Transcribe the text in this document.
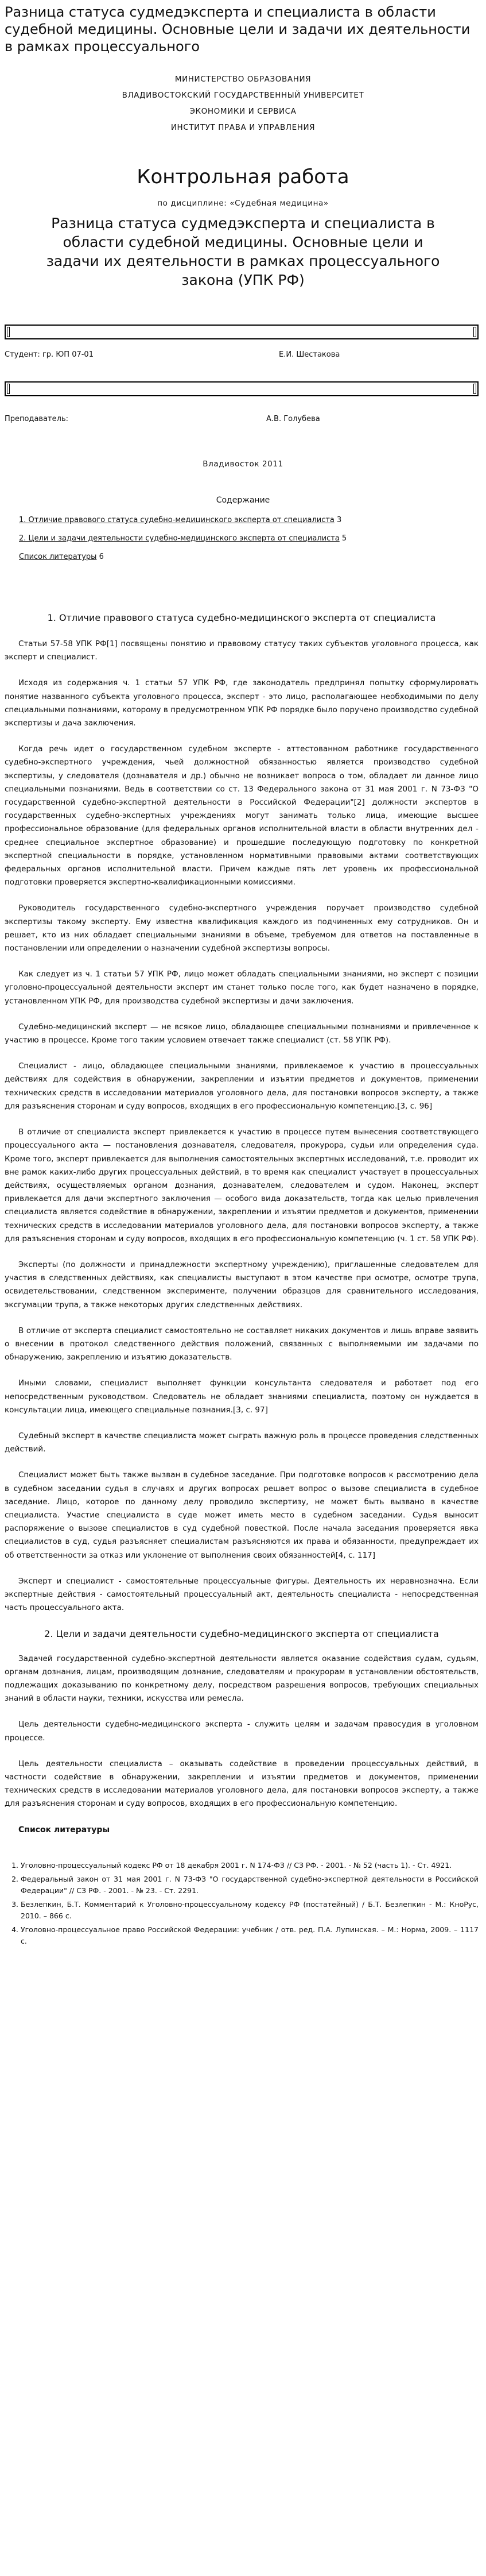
Разница статуса судмедэксперта и специалиста в области судебной медицины. Основные цели и задачи их деятельности в рамках процессуального
МИНИСТЕРСТВО ОБРАЗОВАНИЯ
ВЛАДИВОСТОКСКИЙ ГОСУДАРСТВЕННЫЙ УНИВЕРСИТЕТ
ЭКОНОМИКИ И СЕРВИСА
ИНСТИТУТ ПРАВА И УПРАВЛЕНИЯ
Контрольная работа
по дисциплине: «Судебная медицина»
Разница статуса судмедэксперта и специалиста в области судебной медицины. Основные цели и задачи их деятельности в рамках процессуального закона (УПК РФ)
Студент: гр. ЮП 07-01	Е.И. Шестакова
Преподаватель:	А.В. Голубева
Владивосток 2011
Содержание
1. Отличие правового статуса судебно-медицинского эксперта от специалиста 3
2. Цели и задачи деятельности судебно-медицинского эксперта от специалиста 5
Список литературы 6
1. Отличие правового статуса судебно-медицинского эксперта от специалиста

Статьи 57-58 УПК РФ[1] посвящены понятию и правовому статусу таких субъектов уголовного процесса, как эксперт и специалист.

Исходя из содержания ч. 1 статьи 57 УПК РФ, где законодатель предпринял попытку сформулировать понятие названного субъекта уголовного процесса, эксперт - это лицо, располагающее необходимыми по делу специальными познаниями, которому в предусмотренном УПК РФ порядке было поручено производство судебной экспертизы и дача заключения.

Когда речь идет о государственном судебном эксперте - аттестованном работнике государственного судебно-экспертного учреждения, чьей должностной обязанностью является производство судебной экспертизы, у следователя (дознавателя и др.) обычно не возникает вопроса о том, обладает ли данное лицо специальными познаниями. Ведь в соответствии со ст. 13 Федерального закона от 31 мая 2001 г. N 73-ФЗ "О государственной судебно-экспертной деятельности в Российской Федерации"[2] должности экспертов в государственных судебно-экспертных учреждениях могут занимать только лица, имеющие высшее профессиональное образование (для федеральных органов исполнительной власти в области внутренних дел - среднее специальное экспертное образование) и прошедшие последующую подготовку по конкретной экспертной специальности в порядке, установленном нормативными правовыми актами соответствующих федеральных органов исполнительной власти. Причем каждые пять лет уровень их профессиональной подготовки проверяется экспертно-квалификационными комиссиями.

Руководитель государственного судебно-экспертного учреждения поручает производство судебной экспертизы такому эксперту. Ему известна квалификация каждого из подчиненных ему сотрудников. Он и решает, кто из них обладает специальными знаниями в объеме, требуемом для ответов на поставленные в постановлении или определении о назначении судебной экспертизы вопросы.

Как следует из ч. 1 статьи 57 УПК РФ, лицо может обладать специальными знаниями, но эксперт с позиции уголовно-процессуальной деятельности эксперт им станет только после того, как будет назначено в порядке, установленном УПК РФ, для производства судебной экспертизы и дачи заключения.

Судебно-медицинский эксперт — не всякое лицо, обладающее специальными познаниями и привлеченное к участию в процессе. Кроме того таким условием отвечает также специалист (ст. 58 УПК РФ).

Специалист - лицо, обладающее специальными знаниями, привлекаемое к участию в процессуальных действиях для содействия в обнаружении, закреплении и изъятии предметов и документов, применении технических средств в исследовании материалов уголовного дела, для постановки вопросов эксперту, а также для разъяснения сторонам и суду вопросов, входящих в его профессиональную компетенцию.[3, с. 96]

В отличие от специалиста эксперт привлекается к участию в процессе путем вынесения соответствующего процессуального акта — постановления дознавателя, следователя, прокурора, судьи или определения суда. Кроме того, эксперт привлекается для выполнения самостоятельных экспертных исследований, т.е. проводит их вне рамок каких-либо других процессуальных действий, в то время как специалист участвует в процессуальных действиях, осуществляемых органом дознания, дознавателем, следователем и судом. Наконец, эксперт привлекается для дачи экспертного заключения — особого вида доказательств, тогда как целью привлечения специалиста является содействие в обнаружении, закреплении и изъятии предметов и документов, применении технических средств в исследовании материалов уголовного дела, для постановки вопросов эксперту, а также для разъяснения сторонам и суду вопросов, входящих в его профессиональную компетенцию (ч. 1 ст. 58 УПК РФ).

Эксперты (по должности и принадлежности экспертному учреждению), приглашенные следователем для участия в следственных действиях, как специалисты выступают в этом качестве при осмотре, осмотре трупа, освидетельствовании, следственном эксперименте, получении образцов для сравнительного исследования, эксгумации трупа, а также некоторых других следственных действиях.

В отличие от эксперта специалист самостоятельно не составляет никаких документов и лишь вправе заявить о внесении в протокол следственного действия положений, связанных с выполняемыми им задачами по обнаружению, закреплению и изъятию доказательств.

Иными словами, специалист выполняет функции консультанта следователя и работает под его непосредственным руководством. Следователь не обладает знаниями специалиста, поэтому он нуждается в консультации лица, имеющего специальные познания.[3, с. 97]

Судебный эксперт в качестве специалиста может сыграть важную роль в процессе проведения следственных действий.

Специалист может быть также вызван в судебное заседание. При подготовке вопросов к рассмотрению дела в судебном заседании судья в случаях и других вопросах решает вопрос о вызове специалиста в судебное заседание. Лицо, которое по данному делу проводило экспертизу, не может быть вызвано в качестве специалиста. Участие специалиста в суде может иметь место в судебном заседании. Судья выносит распоряжение о вызове специалистов в суд судебной повесткой. После начала заседания проверяется явка специалистов в суд, судья разъясняет специалистам разъясняются их права и обязанности, предупреждает их об ответственности за отказ или уклонение от выполнения своих обязанностей[4, с. 117]

Эксперт и специалист - самостоятельные процессуальные фигуры. Деятельность их неравнозначна. Если экспертные действия - самостоятельный процессуальный акт, деятельность специалиста - непосредственная часть процессуального акта.

2. Цели и задачи деятельности судебно-медицинского эксперта от специалиста

Задачей государственной судебно-экспертной деятельности является оказание содействия судам, судьям, органам дознания, лицам, производящим дознание, следователям и прокурорам в установлении обстоятельств, подлежащих доказыванию по конкретному делу, посредством разрешения вопросов, требующих специальных знаний в области науки, техники, искусства или ремесла.

Цель деятельности судебно-медицинского эксперта - служить целям и задачам правосудия в уголовном процессе.

Цель деятельности специалиста – оказывать содействие в проведении процессуальных действий, в частности содействие в обнаружении, закреплении и изъятии предметов и документов, применении технических средств в исследовании материалов уголовного дела, для постановки вопросов эксперту, а также для разъяснения сторонам и суду вопросов, входящих в его профессиональную компетенцию.

Список литературы
1. Уголовно-процессуальный кодекс РФ от 18 декабря 2001 г. N 174-ФЗ // СЗ РФ. - 2001. - № 52 (часть 1). - Ст. 4921.
2. Федеральный закон от 31 мая 2001 г. N 73-ФЗ "О государственной судебно-экспертной деятельности в Российской Федерации" // СЗ РФ. - 2001. - № 23. - Ст. 2291.
3. Безлепкин, Б.Т. Комментарий к Уголовно-процессуальному кодексу РФ (постатейный) / Б.Т. Безлепкин - М.: КноРус, 2010. – 866 с.
4. Уголовно-процессуальное право Российской Федерации: учебник / отв. ред. П.А. Лупинская. – М.: Норма, 2009. – 1117 с.
